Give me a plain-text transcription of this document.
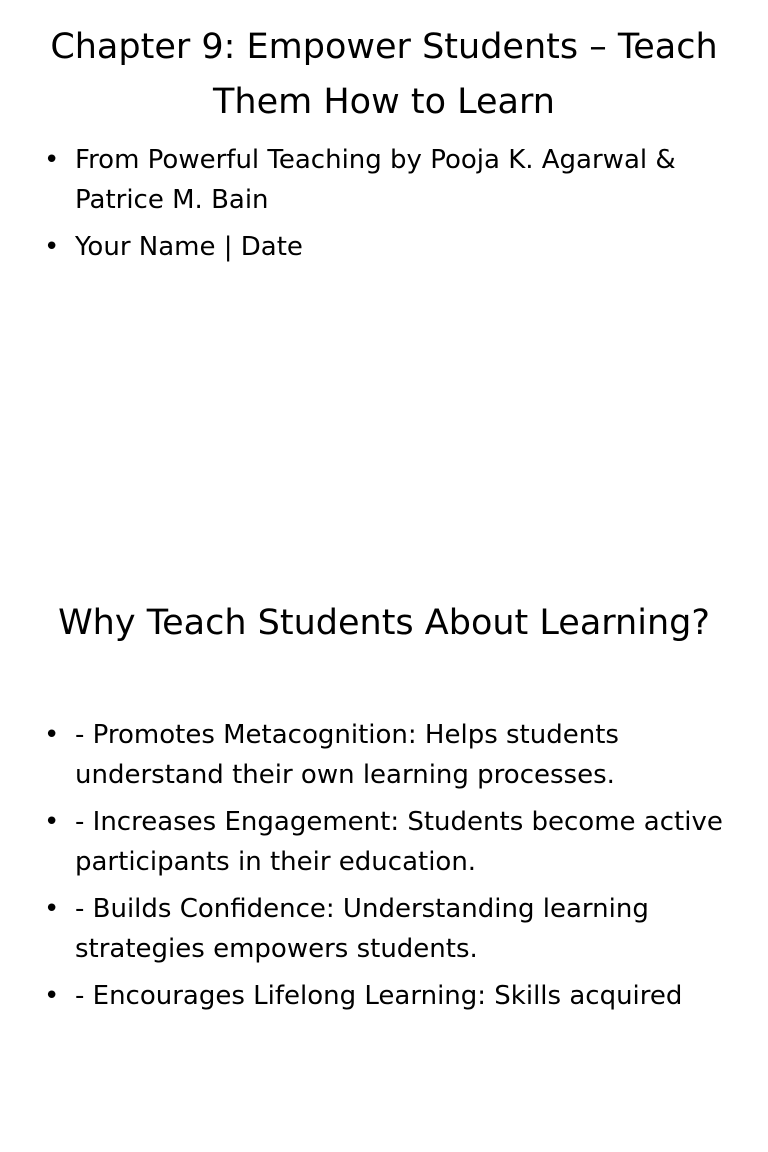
Chapter 9: Empower Students – Teach Them How to Learn
• From Powerful Teaching by Pooja K. Agarwal & Patrice M. Bain
• Your Name | Date
Why Teach Students About Learning?
• - Promotes Metacognition: Helps students understand their own learning processes.
• - Increases Engagement: Students become active participants in their education.
• - Builds Confidence: Understanding learning strategies empowers students.
• - Encourages Lifelong Learning: Skills acquired
